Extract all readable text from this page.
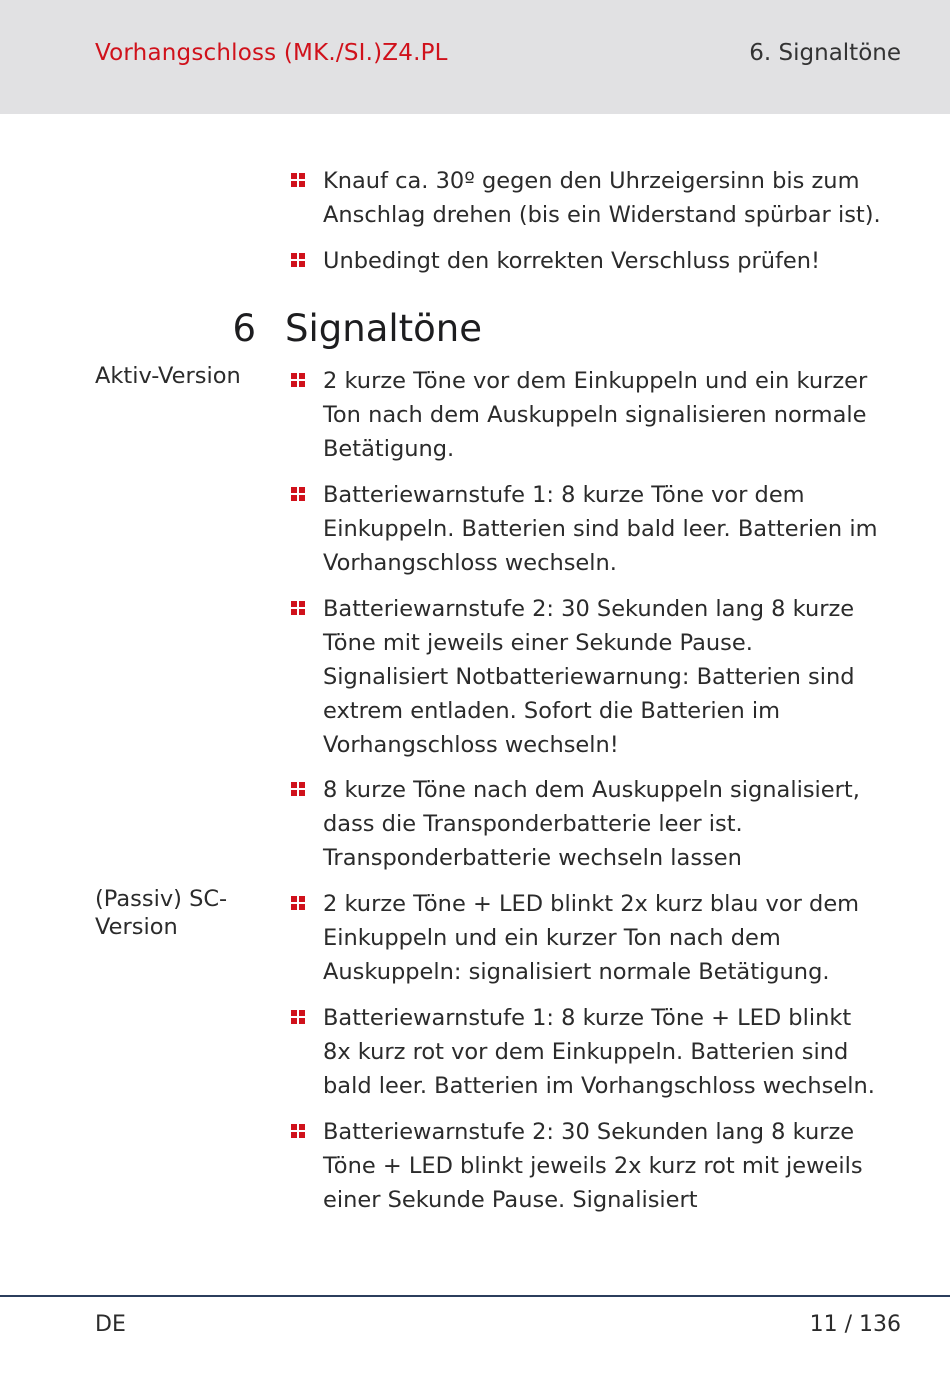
Vorhangschloss (MK./SI.)Z4.PL	6. Signaltöne
Knauf ca. 30º gegen den Uhrzeigersinn bis zum Anschlag drehen (bis ein Widerstand spürbar ist).
Unbedingt den korrekten Verschluss prüfen!
6 Signaltöne
Aktiv-Version	2 kurze Töne vor dem Einkuppeln und ein kurzer Ton nach dem Auskuppeln signalisieren normale Betätigung.
Batteriewarnstufe 1: 8 kurze Töne vor dem Einkuppeln. Batterien sind bald leer. Batterien im Vorhangschloss wechseln.
Batteriewarnstufe 2: 30 Sekunden lang 8 kurze Töne mit jeweils einer Sekunde Pause. Signalisiert Notbatteriewarnung: Batterien sind extrem entladen. Sofort die Batterien im Vorhangschloss wechseln!
8 kurze Töne nach dem Auskuppeln signalisiert, dass die Transponderbatterie leer ist. Transponderbatterie wechseln lassen
(Passiv) SC-Version
2 kurze Töne + LED blinkt 2x kurz blau vor dem Einkuppeln und ein kurzer Ton nach dem Auskuppeln: signalisiert normale Betätigung.
Batteriewarnstufe 1: 8 kurze Töne + LED blinkt 8x kurz rot vor dem Einkuppeln. Batterien sind bald leer. Batterien im Vorhangschloss wechseln.
Batteriewarnstufe 2: 30 Sekunden lang 8 kurze Töne + LED blinkt jeweils 2x kurz rot mit jeweils einer Sekunde Pause. Signalisiert
DE	11 / 136
